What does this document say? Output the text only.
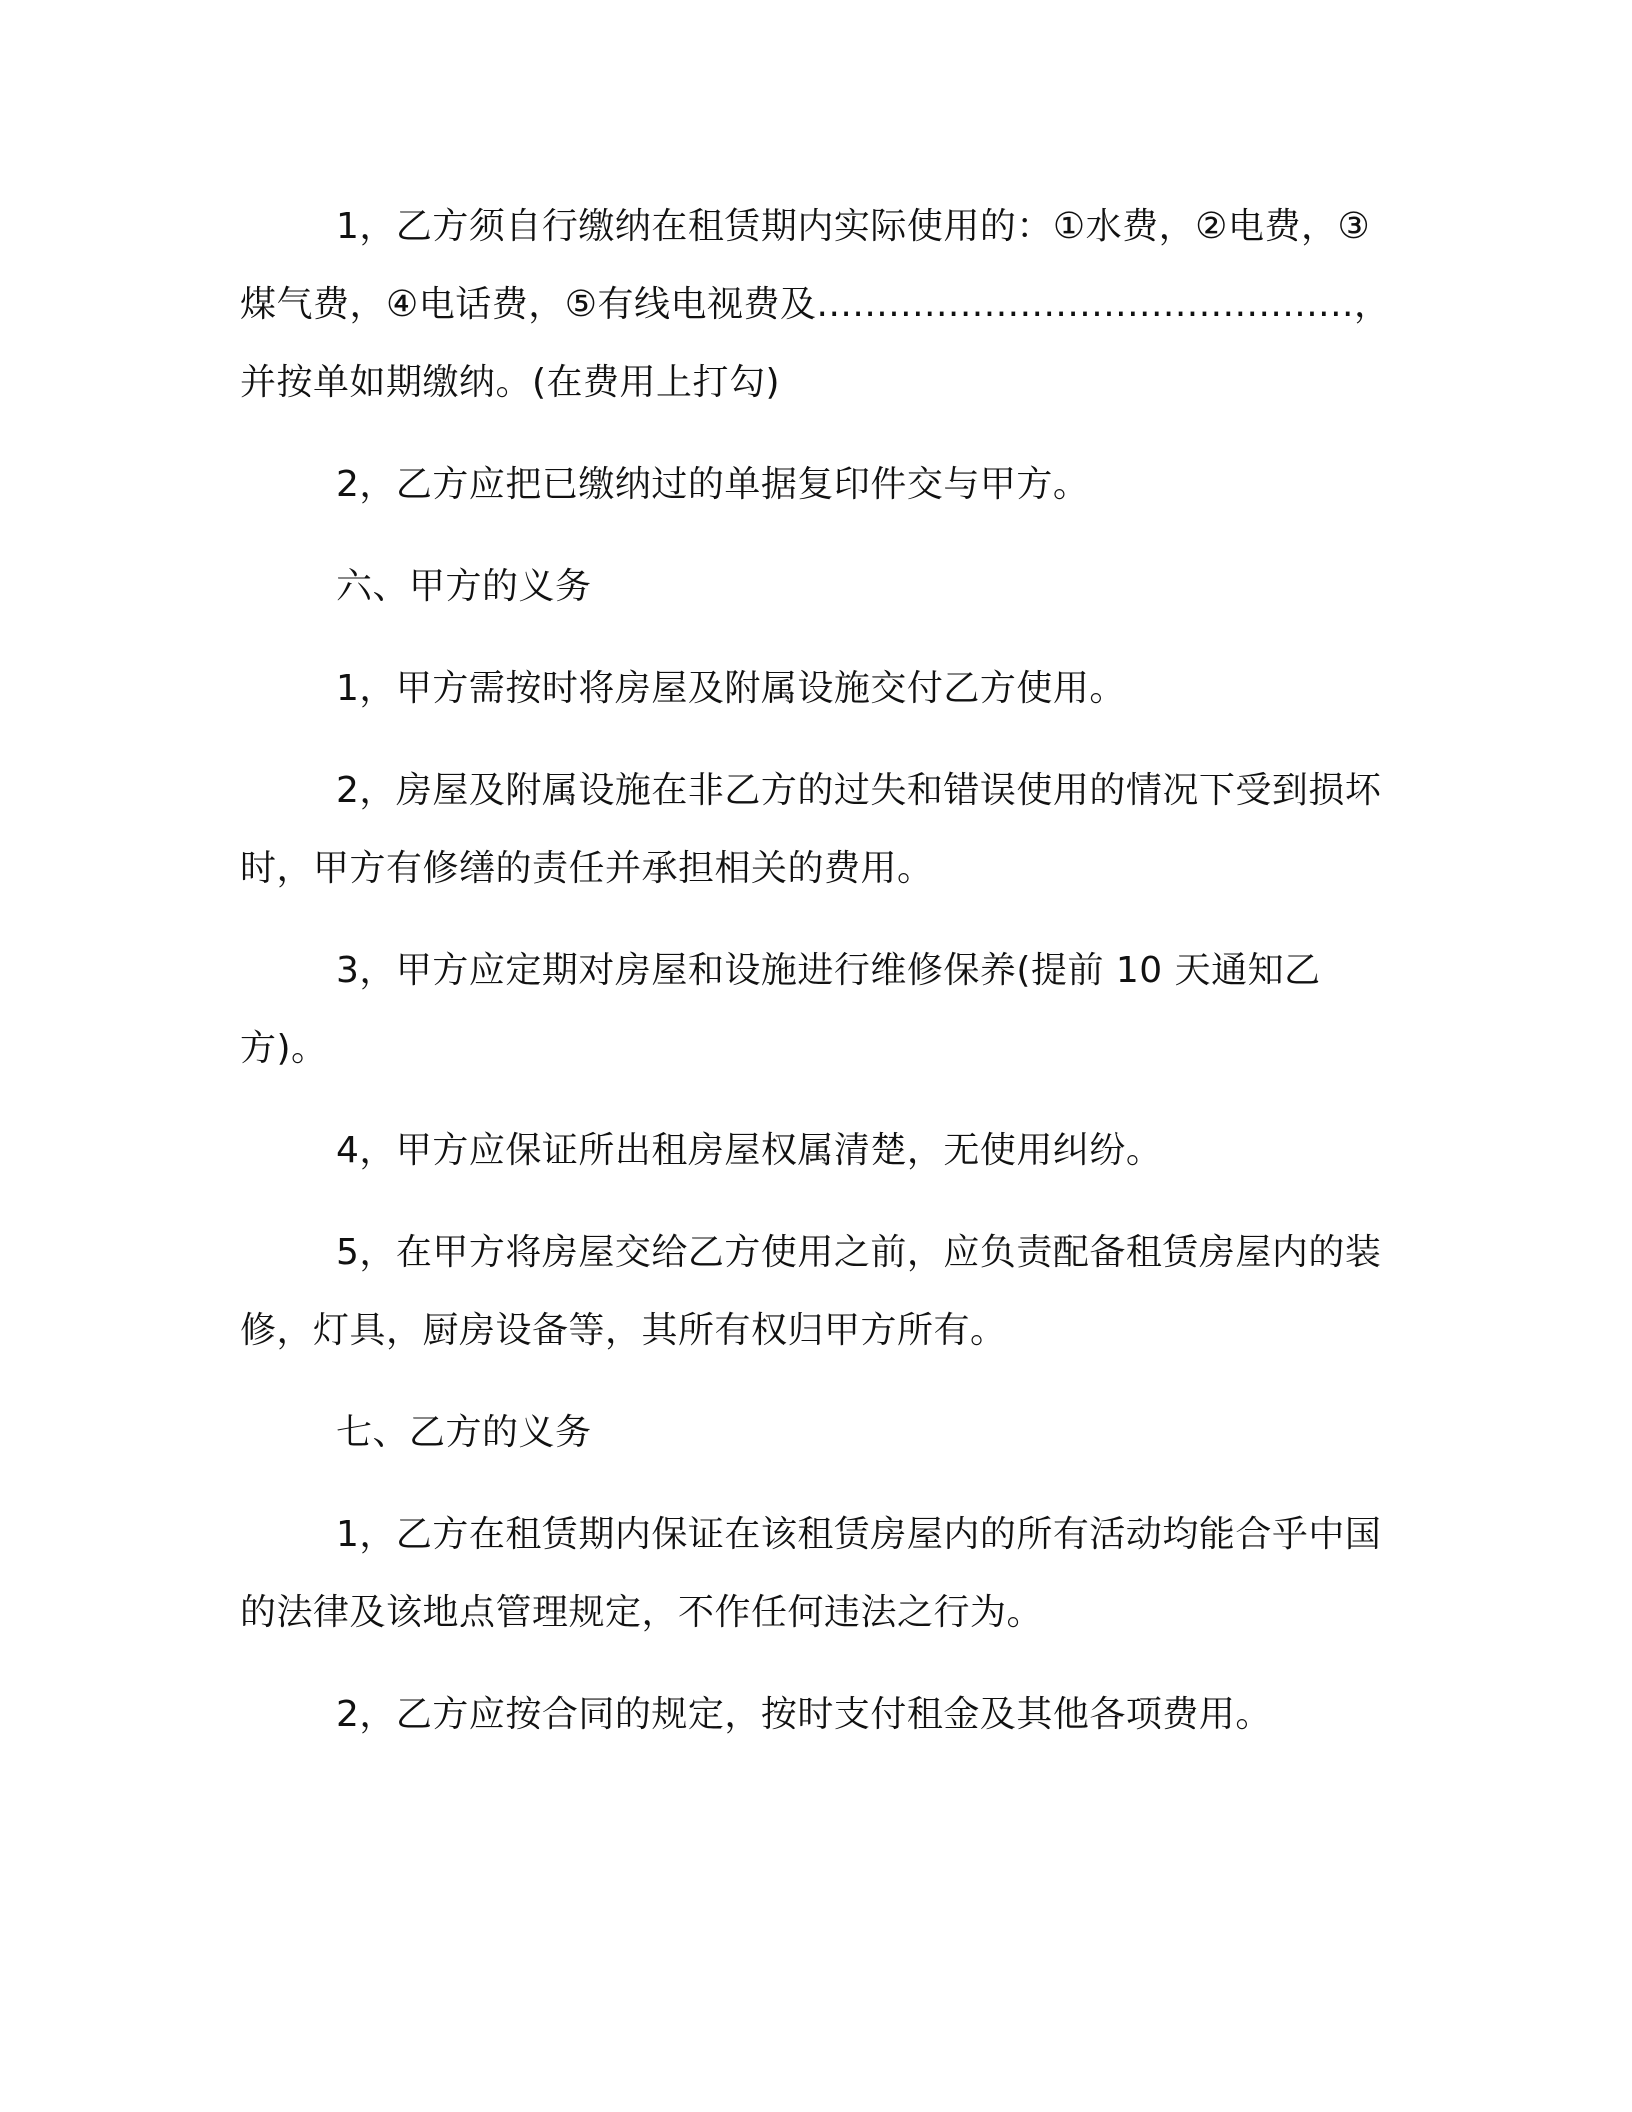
1，乙方须自行缴纳在租赁期内实际使用的：①水费，②电费，③煤气费，④电话费，⑤有线电视费及.............................................，并按单如期缴纳。(在费用上打勾)

2，乙方应把已缴纳过的单据复印件交与甲方。

六、甲方的义务

1，甲方需按时将房屋及附属设施交付乙方使用。

2，房屋及附属设施在非乙方的过失和错误使用的情况下受到损坏时，甲方有修缮的责任并承担相关的费用。

3，甲方应定期对房屋和设施进行维修保养(提前 10 天通知乙方)。

4，甲方应保证所出租房屋权属清楚，无使用纠纷。

5，在甲方将房屋交给乙方使用之前，应负责配备租赁房屋内的装修，灯具，厨房设备等，其所有权归甲方所有。

七、乙方的义务

1，乙方在租赁期内保证在该租赁房屋内的所有活动均能合乎中国的法律及该地点管理规定，不作任何违法之行为。

2，乙方应按合同的规定，按时支付租金及其他各项费用。
